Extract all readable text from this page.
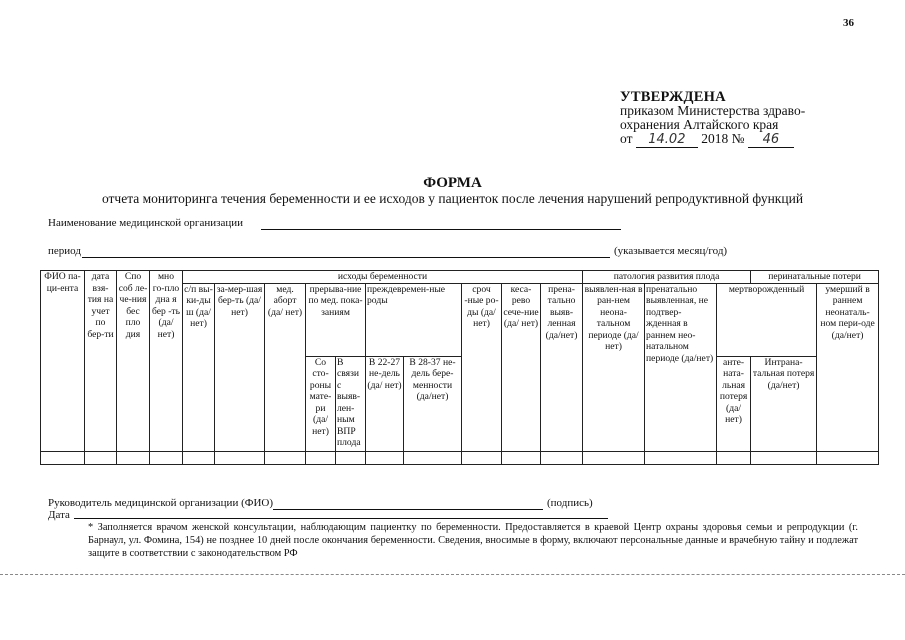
36
УТВЕРЖДЕНА
приказом Министерства здраво-
охранения Алтайского края
от 14.02 2018 № 46
ФОРМА
отчета мониторинга течения беременности и ее исходов у пациенток после лечения нарушений репродуктивной функций
Наименование медицинской организации
период	(указывается месяц/год)
ФИО па-ци-ента	дата взя-тия на учет по бер-ти	Спо соб ле-че-ния бес пло дия	мно го-пло дна я бер -ть (да/ нет)	исходы беременности										патология развития плода			перинатальные потери	
				с/п вы-ки-ды ш (да/ нет)	за-мер-шая бер-ть (да/нет)	мед. аборт (да/ нет)	прерыва-ние по мед. пока-заниям		преждевремен-ные роды		сроч -ные ро-ды (да/нет)	кеса-рево сече-ние (да/ нет)	прена-тально выяв-ленная (да/нет)	выявлен-ная в ран-нем неона-тальном периоде (да/нет)	пренатально выявленная, не подтвер-жденная в раннем нео-натальном периоде (да/нет)	мертворожденный		умерший в раннем неонаталь-ном пери-оде (да/нет)
							Со сто-роны мате-ри (да/ нет)	В связи с выяв-лен-ным ВПР плода	В 22-27 не-дель (да/ нет)	В 28-37 не-дель бере-менности (да/нет)						анте-ната-льная потеря (да/ нет)	Интрана-тальная потеря (да/нет)	

Руководитель медицинской организации (ФИО)	(подпись)
Дата
* Заполняется врачом женской консультации, наблюдающим пациентку по беременности. Предоставляется в краевой Центр охраны здоровья семьи и репродукции (г. Барнаул, ул. Фомина, 154) не позднее 10 дней после окончания беременности. Сведения, вносимые в форму, включают персональные данные и врачебную тайну и подлежат защите в соответствии с законодательством РФ
